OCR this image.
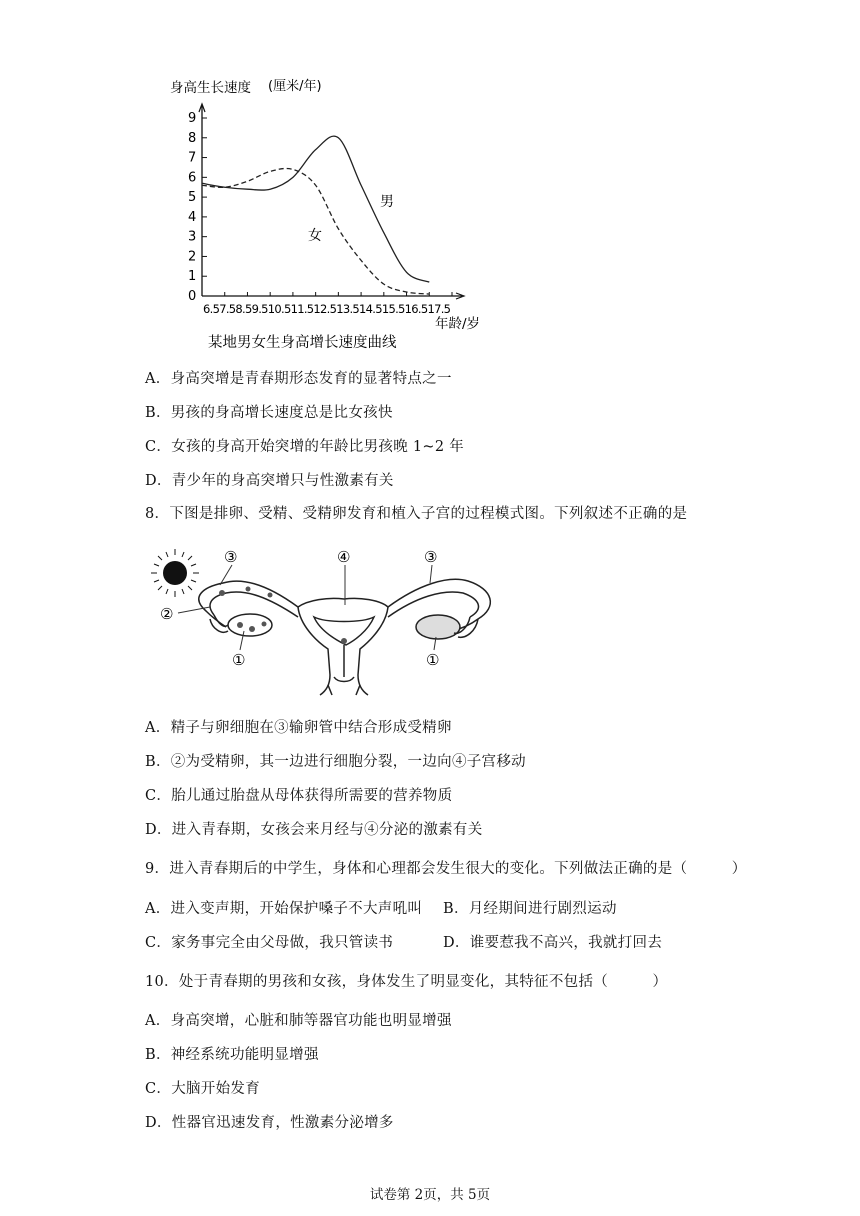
0
1
2
3
4
5
6
7
8
9
身高生长速度 (厘米/年)
6.57.58.59.510.511.512.513.514.515.516.517.5
年龄/岁
男
女
某地男女生身高增长速度曲线
A．身高突增是青春期形态发育的显著特点之一
B．男孩的身高增长速度总是比女孩快
C．女孩的身高开始突增的年龄比男孩晚 1~2 年
D．青少年的身高突增只与性激素有关
8．下图是排卵、受精、受精卵发育和植入子宫的过程模式图。下列叙述不正确的是
③	④	③
②
①	①
A．精子与卵细胞在③输卵管中结合形成受精卵
B．②为受精卵，其一边进行细胞分裂，一边向④子宫移动
C．胎儿通过胎盘从母体获得所需要的营养物质
D．进入青春期，女孩会来月经与④分泌的激素有关
9．进入青春期后的中学生，身体和心理都会发生很大的变化。下列做法正确的是（　　　）
A．进入变声期，开始保护嗓子不大声吼叫 B．月经期间进行剧烈运动
C．家务事完全由父母做，我只管读书	D．谁要惹我不高兴，我就打回去
10．处于青春期的男孩和女孩，身体发生了明显变化，其特征不包括（　　　）
A．身高突增，心脏和肺等器官功能也明显增强
B．神经系统功能明显增强
C．大脑开始发育
D．性器官迅速发育，性激素分泌增多
试卷第 2页，共 5页
